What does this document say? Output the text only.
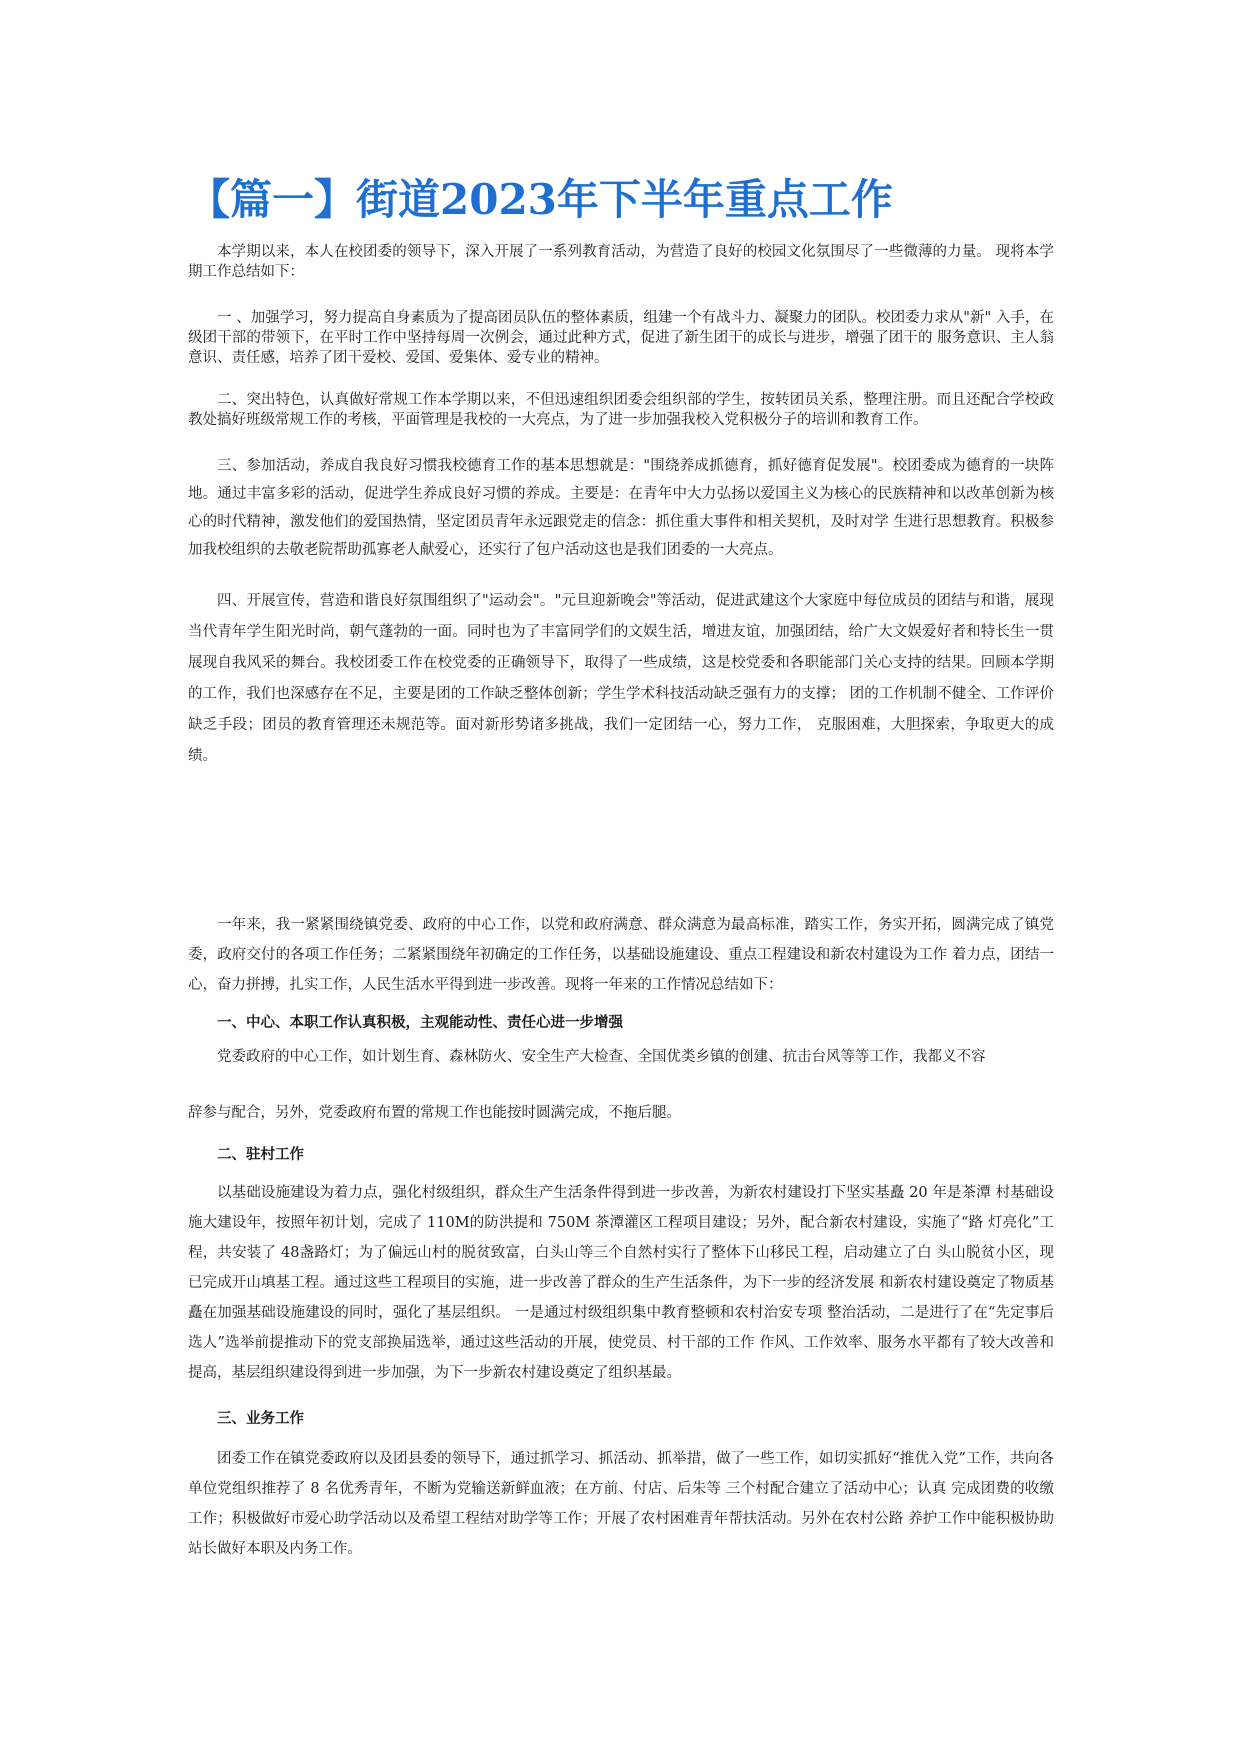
【篇一】街道2023年下半年重点工作

本学期以来，本人在校团委的领导下，深入开展了一系列教育活动，为营造了良好的校园文化氛围尽了一些微薄的力量。 现将本学期工作总结如下：

一 、加强学习，努力提高自身素质为了提高团员队伍的整体素质，组建一个有战斗力、凝聚力的团队。校团委力求从"新" 入手，在 级团干部的带领下，在平时工作中坚持每周一次例会，通过此种方式，促进了新生团干的成长与进步，增强了团干的 服务意识、主人翁意识、责任感，培养了团干爱校、爱国、爱集体、爱专业的精神。

二、突出特色，认真做好常规工作本学期以来，不但迅速组织团委会组织部的学生，按转团员关系，整理注册。而且还配合学校政教处搞好班级常规工作的考核，平面管理是我校的一大亮点，为了进一步加强我校入党积极分子的培训和教育工作。

三、参加活动，养成自我良好习惯我校德育工作的基本思想就是："围绕养成抓德育，抓好德育促发展"。校团委成为德育的一块阵地。通过丰富多彩的活动，促进学生养成良好习惯的养成。主要是：在青年中大力弘扬以爱国主义为核心的民族精神和以改革创新为核心的时代精神，激发他们的爱国热情，坚定团员青年永远跟党走的信念：抓住重大事件和相关契机，及时对学 生进行思想教育。积极参加我校组织的去敬老院帮助孤寡老人献爱心，还实行了包户活动这也是我们团委的一大亮点。

四、开展宣传，营造和谐良好氛围组织了"运动会"。"元旦迎新晚会"等活动，促进武建这个大家庭中每位成员的团结与和谐，展现当代青年学生阳光时尚，朝气蓬勃的一面。同时也为了丰富同学们的文娱生活，增进友谊，加强团结，给广大文娱爱好者和特长生一贯展现自我风采的舞台。我校团委工作在校党委的正确领导下，取得了一些成绩，这是校党委和各职能部门关心支持的结果。回顾本学期的工作，我们也深感存在不足，主要是团的工作缺乏整体创新；学生学术科技活动缺乏强有力的支撑； 团的工作机制不健全、工作评价缺乏手段；团员的教育管理还未规范等。面对新形势诸多挑战，我们一定团结一心，努力工作， 克服困难，大胆探索，争取更大的成绩。

一年来，我一紧紧围绕镇党委、政府的中心工作，以党和政府满意、群众满意为最高标准，踏实工作，务实开拓，圆满完成了镇党委，政府交付的各项工作任务；二紧紧围绕年初确定的工作任务，以基础设施建设、重点工程建设和新农村建设为工作 着力点，团结一心，奋力拼搏，扎实工作，人民生活水平得到进一步改善。现将一年来的工作情况总结如下：

一、中心、本职工作认真积极，主观能动性、责任心进一步增强

党委政府的中心工作，如计划生育、森林防火、安全生产大检查、全国优类乡镇的创建、抗击台风等等工作，我都义不容

辞参与配合，另外，党委政府布置的常规工作也能按时圆满完成，不拖后腿。

二、驻村工作

以基础设施建设为着力点，强化村级组织，群众生产生活条件得到进一步改善，为新农村建设打下坚实基矗 20 年是茶潭 村基础设施大建设年，按照年初计划，完成了 110M的防洪提和 750M 茶潭灌区工程项目建设；另外，配合新农村建设，实施了“路 灯亮化”工程，共安装了 48盏路灯；为了偏远山村的脱贫致富，白头山等三个自然村实行了整体下山移民工程，启动建立了白 头山脱贫小区，现已完成开山填基工程。通过这些工程项目的实施，进一步改善了群众的生产生活条件，为下一步的经济发展 和新农村建设奠定了物质基矗在加强基础设施建设的同时，强化了基层组织。 一是通过村级组织集中教育整顿和农村治安专项 整治活动，二是进行了在“先定事后选人”选举前提推动下的党支部换届选举，通过这些活动的开展，使党员、村干部的工作 作风、工作效率、服务水平都有了较大改善和提高，基层组织建设得到进一步加强，为下一步新农村建设奠定了组织基最。

三、业务工作

团委工作在镇党委政府以及团县委的领导下，通过抓学习、抓活动、抓举措，做了一些工作，如切实抓好“推优入党”工作，共向各单位党组织推荐了 8 名优秀青年，不断为党输送新鲜血液；在方前、付店、后朱等 三个村配合建立了活动中心；认真 完成团费的收缴工作；积极做好市爱心助学活动以及希望工程结对助学等工作；开展了农村困难青年帮扶活动。另外在农村公路 养护工作中能积极协助站长做好本职及内务工作。
